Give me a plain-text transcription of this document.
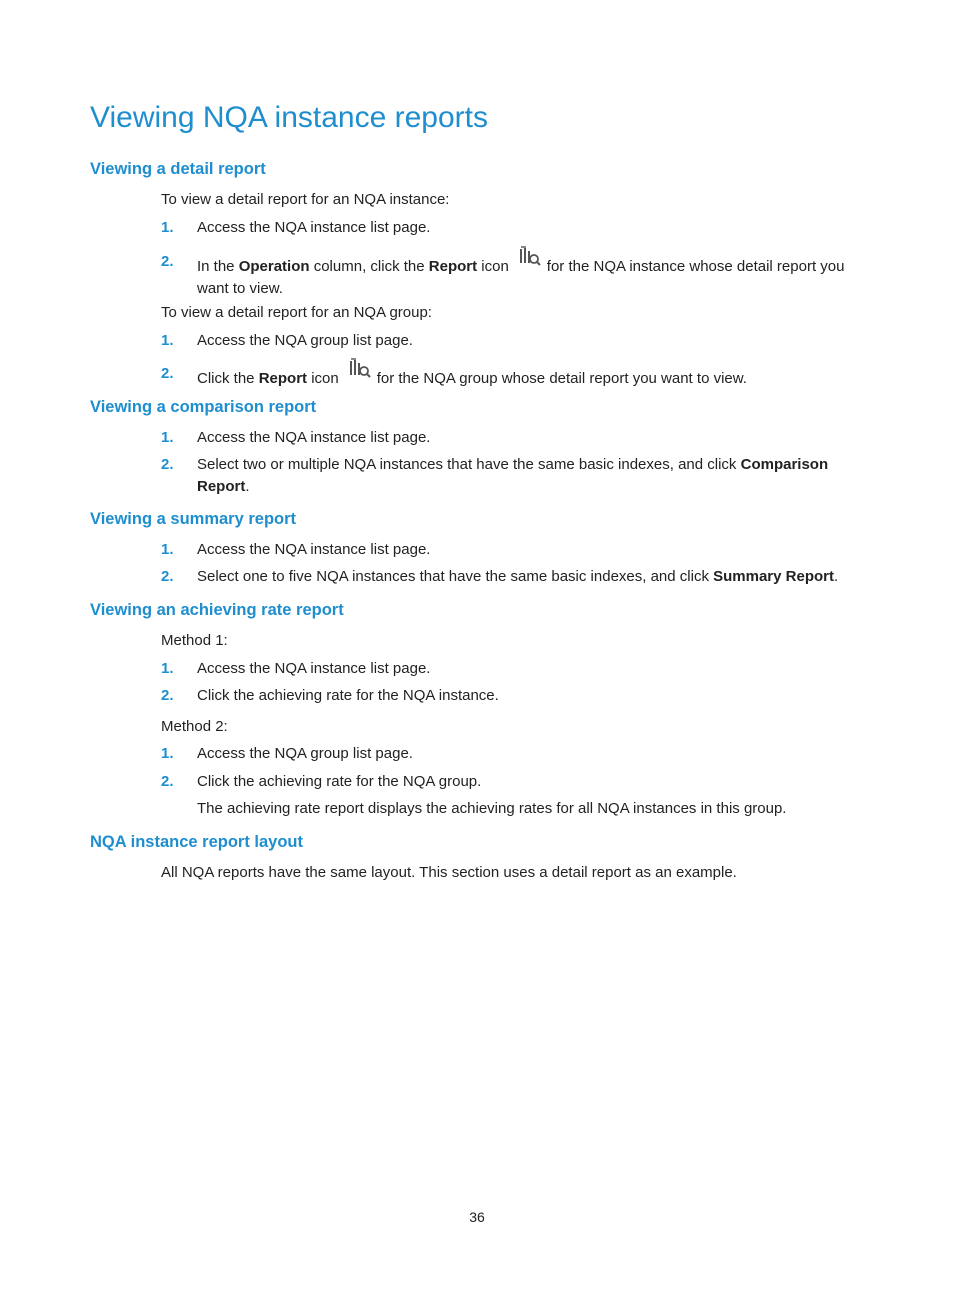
Viewing NQA instance reports
Viewing a detail report

To view a detail report for an NQA instance:

1. Access the NQA instance list page.
2. In the Operation column, click the Report icon	for the NQA instance whose detail report you
want to view.

To view a detail report for an NQA group:

1. Access the NQA group list page.
2. Click the Report icon	for the NQA group whose detail report you want to view.
Viewing a comparison report
1. Access the NQA instance list page.
2. Select two or multiple NQA instances that have the same basic indexes, and click Comparison
Report.
Viewing a summary report
1. Access the NQA instance list page.
2. Select one to five NQA instances that have the same basic indexes, and click Summary Report.
Viewing an achieving rate report

Method 1:

1. Access the NQA instance list page.
2. Click the achieving rate for the NQA instance.

Method 2:

1. Access the NQA group list page.
2. Click the achieving rate for the NQA group.
The achieving rate report displays the achieving rates for all NQA instances in this group.
NQA instance report layout

All NQA reports have the same layout. This section uses a detail report as an example.

36
